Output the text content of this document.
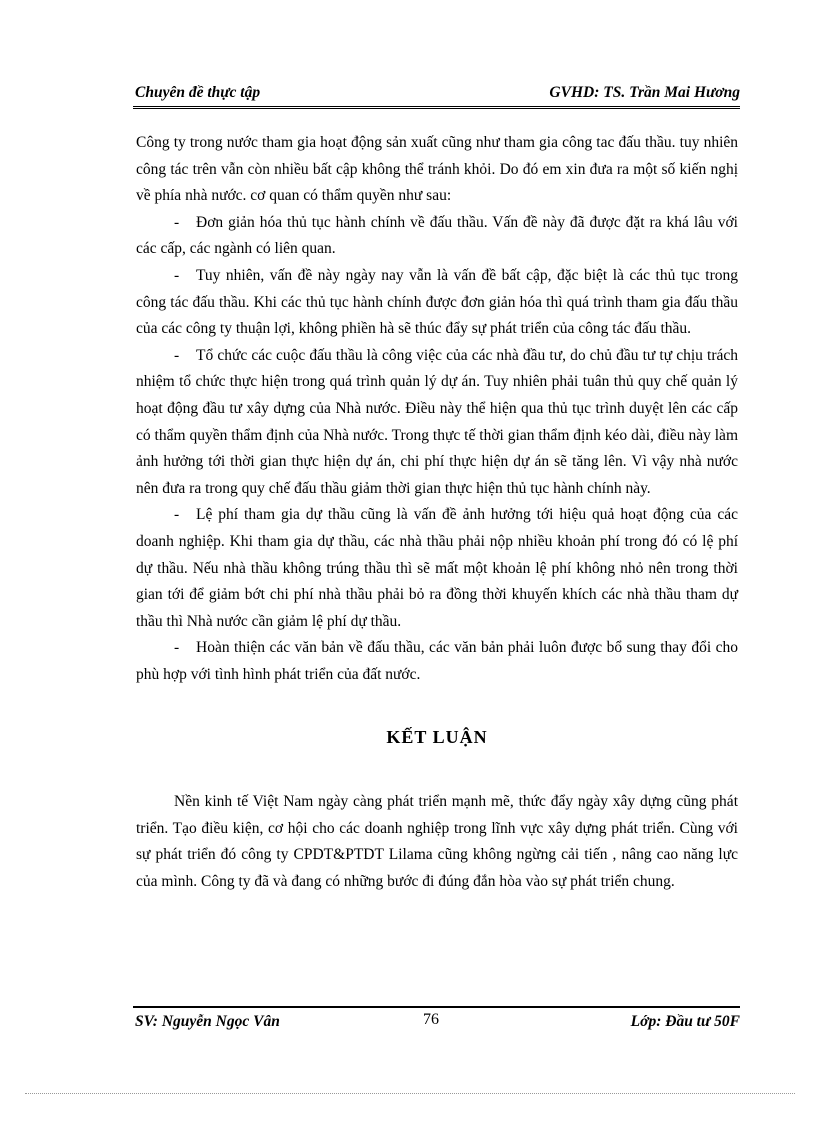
Chuyên đề thực tập	GVHD: TS. Trần Mai Hương

Công ty trong nước tham gia hoạt động sản xuất cũng như tham gia công tac đấu thầu. tuy nhiên công tác trên vẫn còn nhiều bất cập không thể tránh khỏi. Do đó em xin đưa ra một số kiến nghị về phía nhà nước. cơ quan có thẩm quyền như sau:

- Đơn giản hóa thủ tục hành chính về đấu thầu. Vấn đề này đã được đặt ra khá lâu với các cấp, các ngành có liên quan.

- Tuy nhiên, vấn đề này ngày nay vẫn là vấn đề bất cập, đặc biệt là các thủ tục trong công tác đấu thầu. Khi các thủ tục hành chính được đơn giản hóa thì quá trình tham gia đấu thầu của các công ty thuận lợi, không phiền hà sẽ thúc đẩy sự phát triển của công tác đấu thầu.

- Tổ chức các cuộc đấu thầu là công việc của các nhà đầu tư, do chủ đầu tư tự chịu trách nhiệm tổ chức thực hiện trong quá trình quản lý dự án. Tuy nhiên phải tuân thủ quy chế quản lý hoạt động đầu tư xây dựng của Nhà nước. Điều này thể hiện qua thủ tục trình duyệt lên các cấp có thẩm quyền thẩm định của Nhà nước. Trong thực tế thời gian thẩm định kéo dài, điều này làm ảnh hưởng tới thời gian thực hiện dự án, chi phí thực hiện dự án sẽ tăng lên. Vì vậy nhà nước nên đưa ra trong quy chế đấu thầu giảm thời gian thực hiện thủ tục hành chính này.

- Lệ phí tham gia dự thầu cũng là vấn đề ảnh hưởng tới hiệu quả hoạt động của các doanh nghiệp. Khi tham gia dự thầu, các nhà thầu phải nộp nhiều khoản phí trong đó có lệ phí dự thầu. Nếu nhà thầu không trúng thầu thì sẽ mất một khoản lệ phí không nhỏ nên trong thời gian tới để giảm bớt chi phí nhà thầu phải bỏ ra đồng thời khuyến khích các nhà thầu tham dự thầu thì Nhà nước cần giảm lệ phí dự thầu.

- Hoàn thiện các văn bản về đấu thầu, các văn bản phải luôn được bổ sung thay đổi cho phù hợp với tình hình phát triển của đất nước.

KẾT LUẬN

Nền kinh tế Việt Nam ngày càng phát triển mạnh mẽ, thức đẩy ngày xây dựng cũng phát triển. Tạo điều kiện, cơ hội cho các doanh nghiệp trong lĩnh vực xây dựng phát triển. Cùng với sự phát triển đó công ty CPDT&PTDT Lilama cũng không ngừng cải tiến , nâng cao năng lực của mình. Công ty đã và đang có những bước đi đúng đắn hòa vào sự phát triển chung.

SV: Nguyễn Ngọc Vân	76	Lớp: Đầu tư 50F
